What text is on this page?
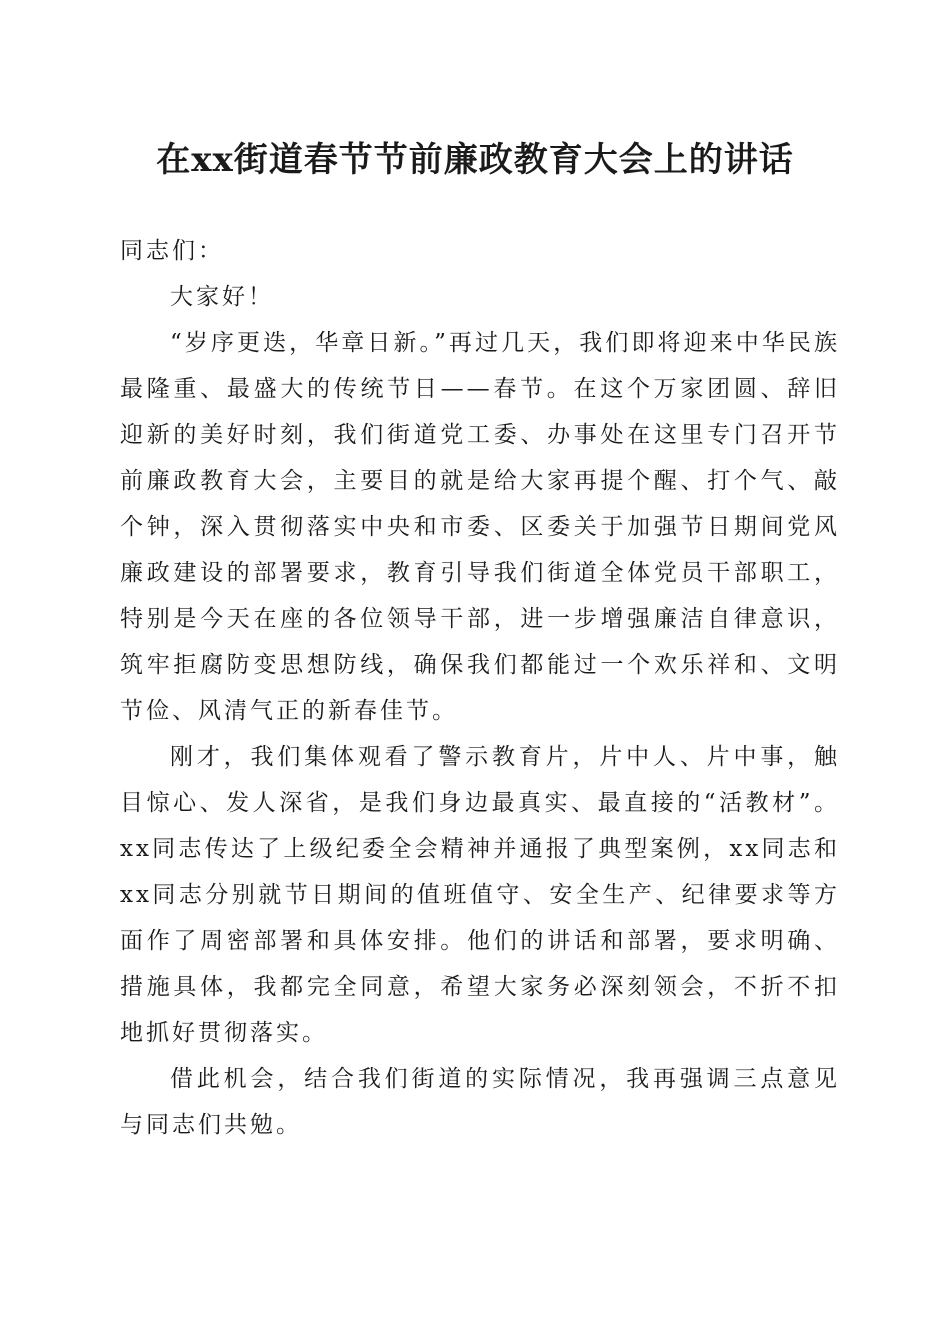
在xx街道春节节前廉政教育大会上的讲话

同志们：

大家好！

“岁序更迭，华章日新。”再过几天，我们即将迎来中华民族最隆重、最盛大的传统节日——春节。在这个万家团圆、辞旧迎新的美好时刻，我们街道党工委、办事处在这里专门召开节前廉政教育大会，主要目的就是给大家再提个醒、打个气、敲个钟，深入贯彻落实中央和市委、区委关于加强节日期间党风廉政建设的部署要求，教育引导我们街道全体党员干部职工，特别是今天在座的各位领导干部，进一步增强廉洁自律意识，筑牢拒腐防变思想防线，确保我们都能过一个欢乐祥和、文明节俭、风清气正的新春佳节。

刚才，我们集体观看了警示教育片，片中人、片中事，触目惊心、发人深省，是我们身边最真实、最直接的“活教材”。xx同志传达了上级纪委全会精神并通报了典型案例，xx同志和xx同志分别就节日期间的值班值守、安全生产、纪律要求等方面作了周密部署和具体安排。他们的讲话和部署，要求明确、措施具体，我都完全同意，希望大家务必深刻领会，不折不扣地抓好贯彻落实。

借此机会，结合我们街道的实际情况，我再强调三点意见与同志们共勉。
